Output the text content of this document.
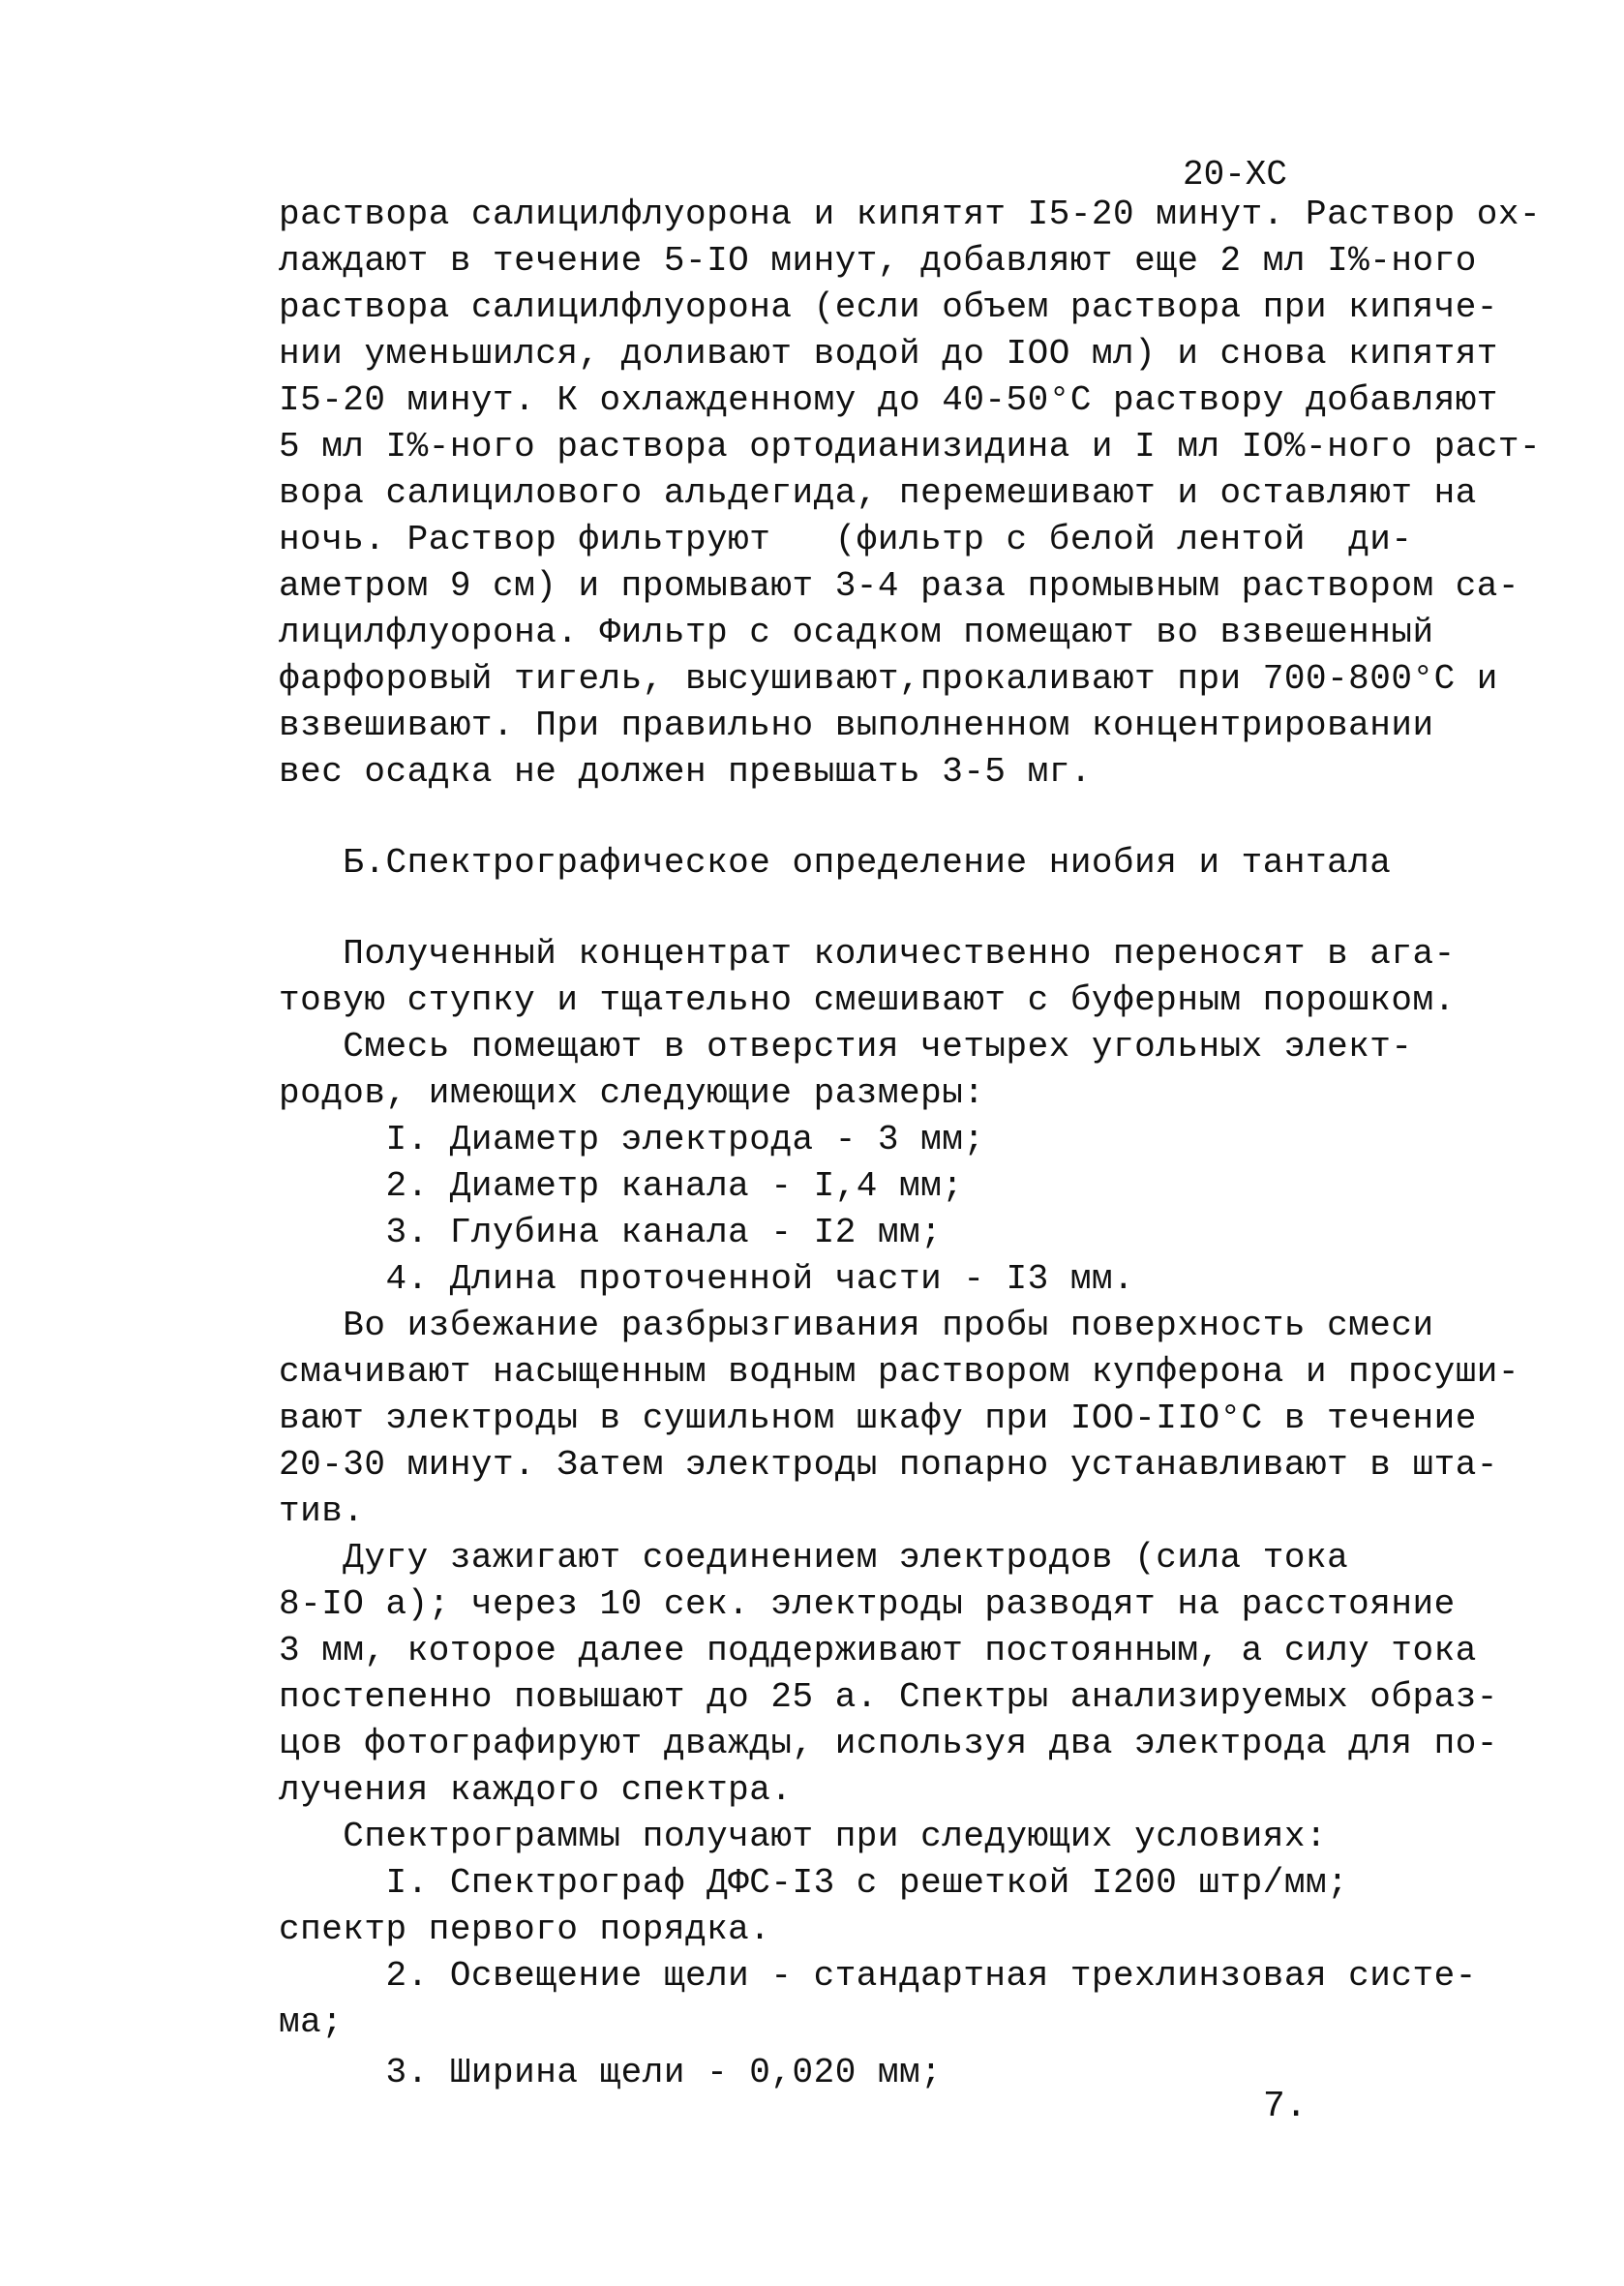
20-ХС
раствора салицилфлуорона и кипятят I5-20 минут. Раствор ох-
лаждают в течение 5-IO минут, добавляют еще 2 мл I%-ного
раствора салицилфлуорона (если объем раствора при кипяче-
нии уменьшился, доливают водой до IOO мл) и снова кипятят
I5-20 минут. К охлажденному до 40-50°С раствору добавляют
5 мл I%-ного раствора ортодианизидина и I мл IO%-ного раст-
вора салицилового альдегида, перемешивают и оставляют на
ночь. Раствор фильтруют   (фильтр с белой лентой  ди-
аметром 9 см) и промывают 3-4 раза промывным раствором са-
лицилфлуорона. Фильтр с осадком помещают во взвешенный
фарфоровый тигель, высушивают,прокаливают при 700-800°С и
взвешивают. При правильно выполненном концентрировании
вес осадка не должен превышать 3-5 мг.
Б.Спектрографическое определение ниобия и тантала
Полученный концентрат количественно переносят в ага-
товую ступку и тщательно смешивают с буферным порошком.
Смесь помещают в отверстия четырех угольных элект-
родов, имеющих следующие размеры:
I. Диаметр электрода - 3 мм;
2. Диаметр канала - I,4 мм;
3. Глубина канала - I2 мм;
4. Длина проточенной части - I3 мм.
Во избежание разбрызгивания пробы поверхность смеси
смачивают насыщенным водным раствором купферона и просуши-
вают электроды в сушильном шкафу при IOO-IIO°С в течение
20-30 минут. Затем электроды попарно устанавливают в шта-
тив.
Дугу зажигают соединением электродов (сила тока
8-IO а); через 10 сек. электроды разводят на расстояние
3 мм, которое далее поддерживают постоянным, а силу тока
постепенно повышают до 25 а. Спектры анализируемых образ-
цов фотографируют дважды, используя два электрода для по-
лучения каждого спектра.
Спектрограммы получают при следующих условиях:
I. Спектрограф ДФС-I3 с решеткой I200 штр/мм;
спектр первого порядка.
2. Освещение щели - стандартная трехлинзовая систе-
ма;
3. Ширина щели - 0,020 мм;
7.
